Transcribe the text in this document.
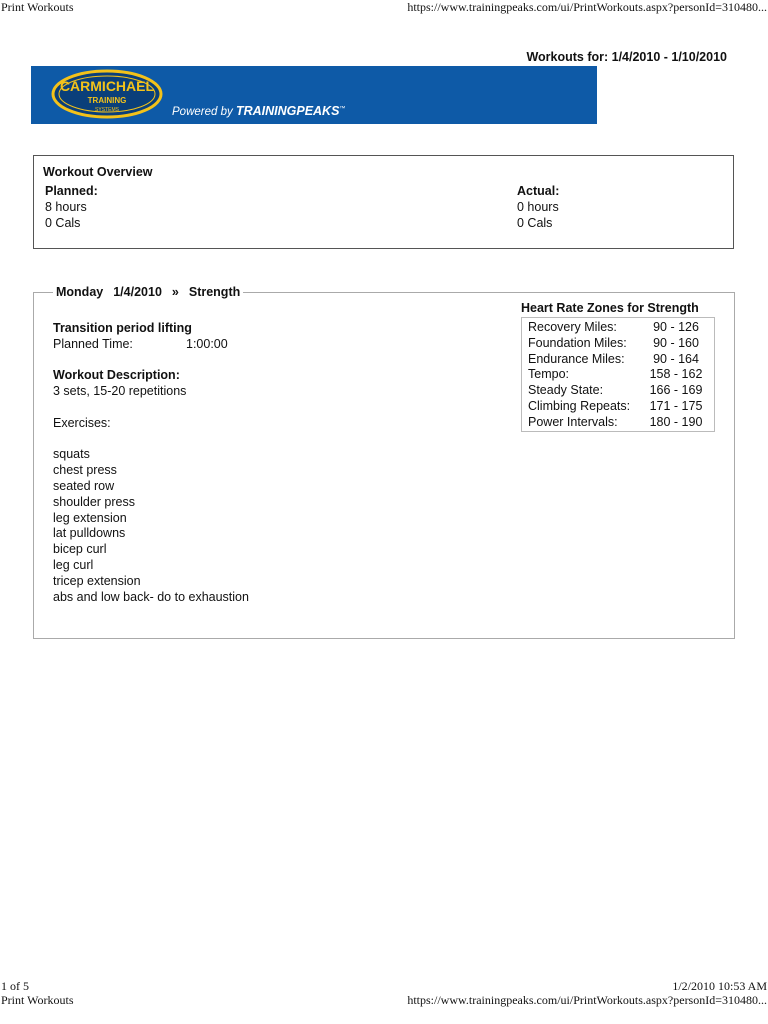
Print Workouts	https://www.trainingpeaks.com/ui/PrintWorkouts.aspx?personId=310480...
Workouts for: 1/4/2010 - 1/10/2010
CARMICHAEL
TRAINING
SYSTEMS	Powered by TRAININGPEAKS™
Workout Overview
Planned:
8 hours
0 Cals
Actual:
0 hours
0 Cals
Monday 1/4/2010 » Strength
Transition period lifting
Planned Time:	1:00:00
Workout Description:
3 sets, 15-20 repetitions
Exercises:
squats
chest press
seated row
shoulder press
leg extension
lat pulldowns
bicep curl
leg curl
tricep extension
abs and low back- do to exhaustion
Heart Rate Zones for Strength
Recovery Miles:	90 - 126
Foundation Miles:	90 - 160
Endurance Miles:	90 - 164
Tempo:	158 - 162
Steady State:	166 - 169
Climbing Repeats:	171 - 175
Power Intervals:	180 - 190
1 of 5	1/2/2010 10:53 AM
Print Workouts	https://www.trainingpeaks.com/ui/PrintWorkouts.aspx?personId=310480...
